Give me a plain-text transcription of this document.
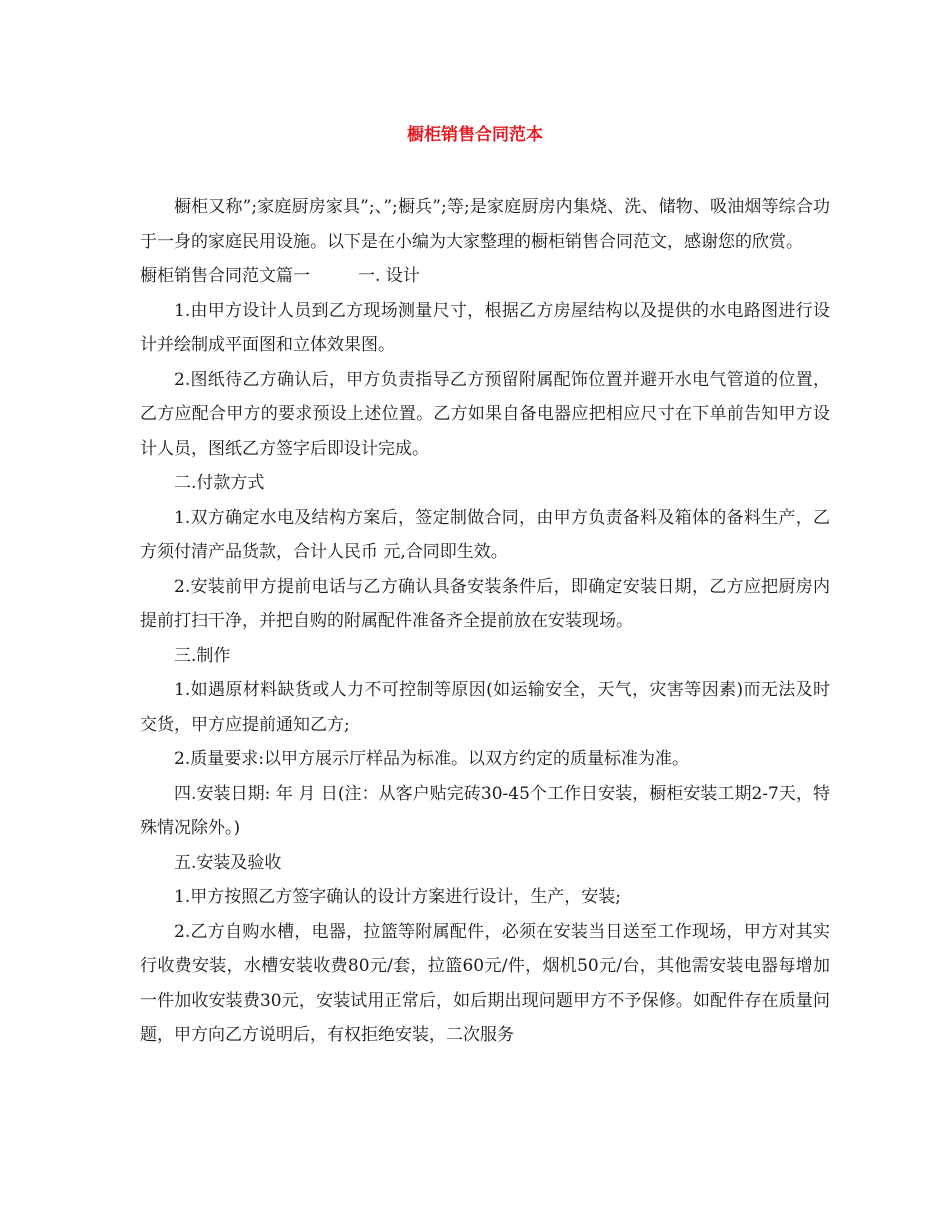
橱柜销售合同范本

橱柜又称”;家庭厨房家具”;、”;橱兵”;等;是家庭厨房内集烧、洗、储物、吸油烟等综合功于一身的家庭民用设施。以下是在小编为大家整理的橱柜销售合同范文，感谢您的欣赏。

橱柜销售合同范文篇一	一. 设计

1.由甲方设计人员到乙方现场测量尺寸，根据乙方房屋结构以及提供的水电路图进行设计并绘制成平面图和立体效果图。

2.图纸待乙方确认后，甲方负责指导乙方预留附属配饰位置并避开水电气管道的位置，乙方应配合甲方的要求预设上述位置。乙方如果自备电器应把相应尺寸在下单前告知甲方设计人员，图纸乙方签字后即设计完成。

二.付款方式

1.双方确定水电及结构方案后，签定制做合同，由甲方负责备料及箱体的备料生产，乙方须付清产品货款，合计人民币 元,合同即生效。

2.安装前甲方提前电话与乙方确认具备安装条件后，即确定安装日期，乙方应把厨房内提前打扫干净，并把自购的附属配件准备齐全提前放在安装现场。

三.制作

1.如遇原材料缺货或人力不可控制等原因(如运输安全，天气，灾害等因素)而无法及时交货，甲方应提前通知乙方;

2.质量要求:以甲方展示厅样品为标准。以双方约定的质量标准为准。

四.安装日期: 年 月 日(注：从客户贴完砖30-45个工作日安装，橱柜安装工期2-7天，特殊情况除外。)

五.安装及验收

1.甲方按照乙方签字确认的设计方案进行设计，生产，安装;

2.乙方自购水槽，电器，拉篮等附属配件，必须在安装当日送至工作现场，甲方对其实行收费安装，水槽安装收费80元/套，拉篮60元/件，烟机50元/台，其他需安装电器每增加一件加收安装费30元，安装试用正常后，如后期出现问题甲方不予保修。如配件存在质量问题，甲方向乙方说明后，有权拒绝安装，二次服务
